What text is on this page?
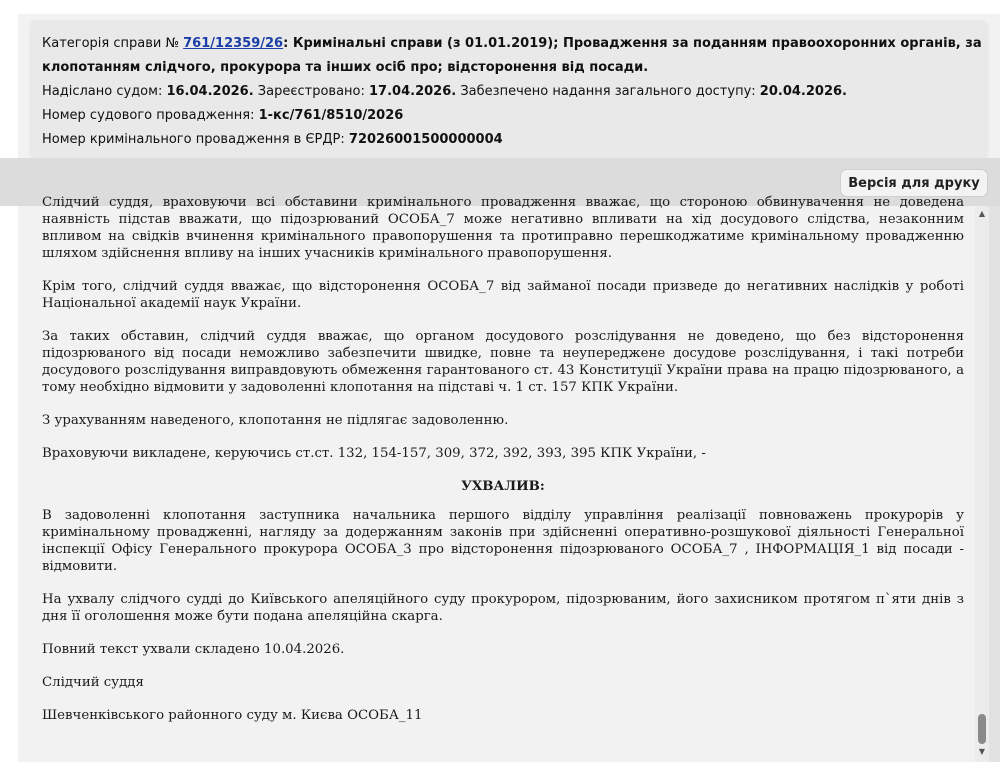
Категорія справи № 761/12359/26: Кримінальні справи (з 01.01.2019); Провадження за поданням правоохоронних органів, за
клопотанням слідчого, прокурора та інших осіб про; відсторонення від посади.
Надіслано судом: 16.04.2026. Зареєстровано: 17.04.2026. Забезпечено надання загального доступу: 20.04.2026.
Номер судового провадження: 1-кс/761/8510/2026
Номер кримінального провадження в ЄРДР: 72026001500000004
Версія для друку

Слідчий суддя, враховуючи всі обставини кримінального провадження вважає, що стороною обвинувачення не доведена наявність підстав вважати, що підозрюваний ОСОБА_7 може негативно впливати на хід досудового слідства, незаконним впливом на свідків вчинення кримінального правопорушення та протиправно перешкоджатиме кримінальному провадженню шляхом здійснення впливу на інших учасників кримінального правопорушення.

Крім того, слідчий суддя вважає, що відсторонення ОСОБА_7 від займаної посади призведе до негативних наслідків у роботі Національної академії наук України.

За таких обставин, слідчий суддя вважає, що органом досудового розслідування не доведено, що без відсторонення підозрюваного від посади неможливо забезпечити швидке, повне та неупереджене досудове розслідування, і такі потреби досудового розслідування виправдовують обмеження гарантованого ст. 43 Конституції України права на працю підозрюваного, а тому необхідно відмовити у задоволенні клопотання на підставі ч. 1 ст. 157 КПК України.

З урахуванням наведеного, клопотання не підлягає задоволенню.

Враховуючи викладене, керуючись ст.ст. 132, 154-157, 309, 372, 392, 393, 395 КПК України, -

УХВАЛИВ:

В задоволенні клопотання заступника начальника першого відділу управління реалізації повноважень прокурорів у кримінальному провадженні, нагляду за додержанням законів при здійсненні оперативно-розшукової діяльності Генеральної інспекції Офісу Генерального прокурора ОСОБА_3 про відсторонення підозрюваного ОСОБА_7 , ІНФОРМАЦІЯ_1 від посади - відмовити.

На ухвалу слідчого судді до Київського апеляційного суду прокурором, підозрюваним, його захисником протягом п`яти днів з дня її оголошення може бути подана апеляційна скарга.

Повний текст ухвали складено 10.04.2026.

Слідчий суддя

Шевченківського районного суду м. Києва ОСОБА_11

▲
▼
